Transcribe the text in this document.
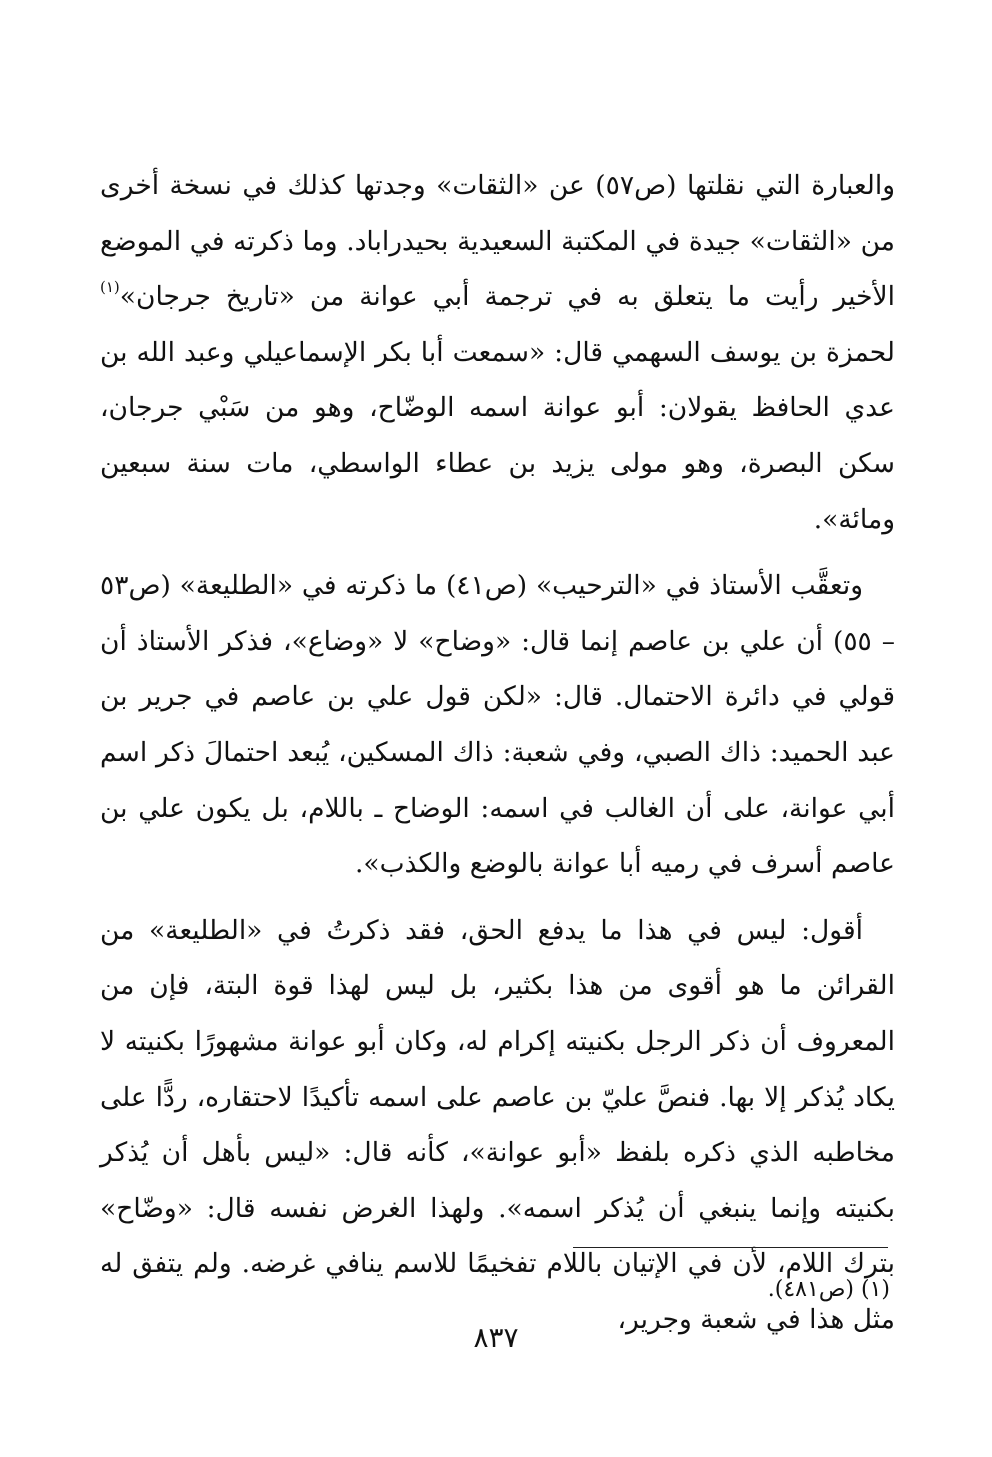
والعبارة التي نقلتها (ص٥٧) عن «الثقات» وجدتها كذلك في نسخة أخرى من «الثقات» جيدة في المكتبة السعيدية بحيدراباد. وما ذكرته في الموضع الأخير رأيت ما يتعلق به في ترجمة أبي عوانة من «تاريخ جرجان»$^{(١)}$ لحمزة بن يوسف السهمي قال: «سمعت أبا بكر الإسماعيلي وعبد الله بن عدي الحافظ يقولان: أبو عوانة اسمه الوضّاح، وهو من سَبْي جرجان، سكن البصرة، وهو مولى يزيد بن عطاء الواسطي، مات سنة سبعين ومائة».

وتعقَّب الأستاذ في «الترحيب» (ص٤١) ما ذكرته في «الطليعة» (ص٥٣ – ٥٥) أن علي بن عاصم إنما قال: «وضاح» لا «وضاع»، فذكر الأستاذ أن قولي في دائرة الاحتمال. قال: «لكن قول علي بن عاصم في جرير بن عبد الحميد: ذاك الصبي، وفي شعبة: ذاك المسكين، يُبعد احتمالَ ذكر اسم أبي عوانة، على أن الغالب في اسمه: الوضاح ـ باللام، بل يكون علي بن عاصم أسرف في رميه أبا عوانة بالوضع والكذب».

أقول: ليس في هذا ما يدفع الحق، فقد ذكرتُ في «الطليعة» من القرائن ما هو أقوى من هذا بكثير، بل ليس لهذا قوة البتة، فإن من المعروف أن ذكر الرجل بكنيته إكرام له، وكان أبو عوانة مشهورًا بكنيته لا يكاد يُذكر إلا بها. فنصَّ عليّ بن عاصم على اسمه تأكيدًا لاحتقاره، ردًّا على مخاطبه الذي ذكره بلفظ «أبو عوانة»، كأنه قال: «ليس بأهل أن يُذكر بكنيته وإنما ينبغي أن يُذكر اسمه». ولهذا الغرض نفسه قال: «وضّاح» بترك اللام، لأن في الإتيان باللام تفخيمًا للاسم ينافي غرضه. ولم يتفق له مثل هذا في شعبة وجرير،

(١) (ص٤٨١).
٨٣٧
